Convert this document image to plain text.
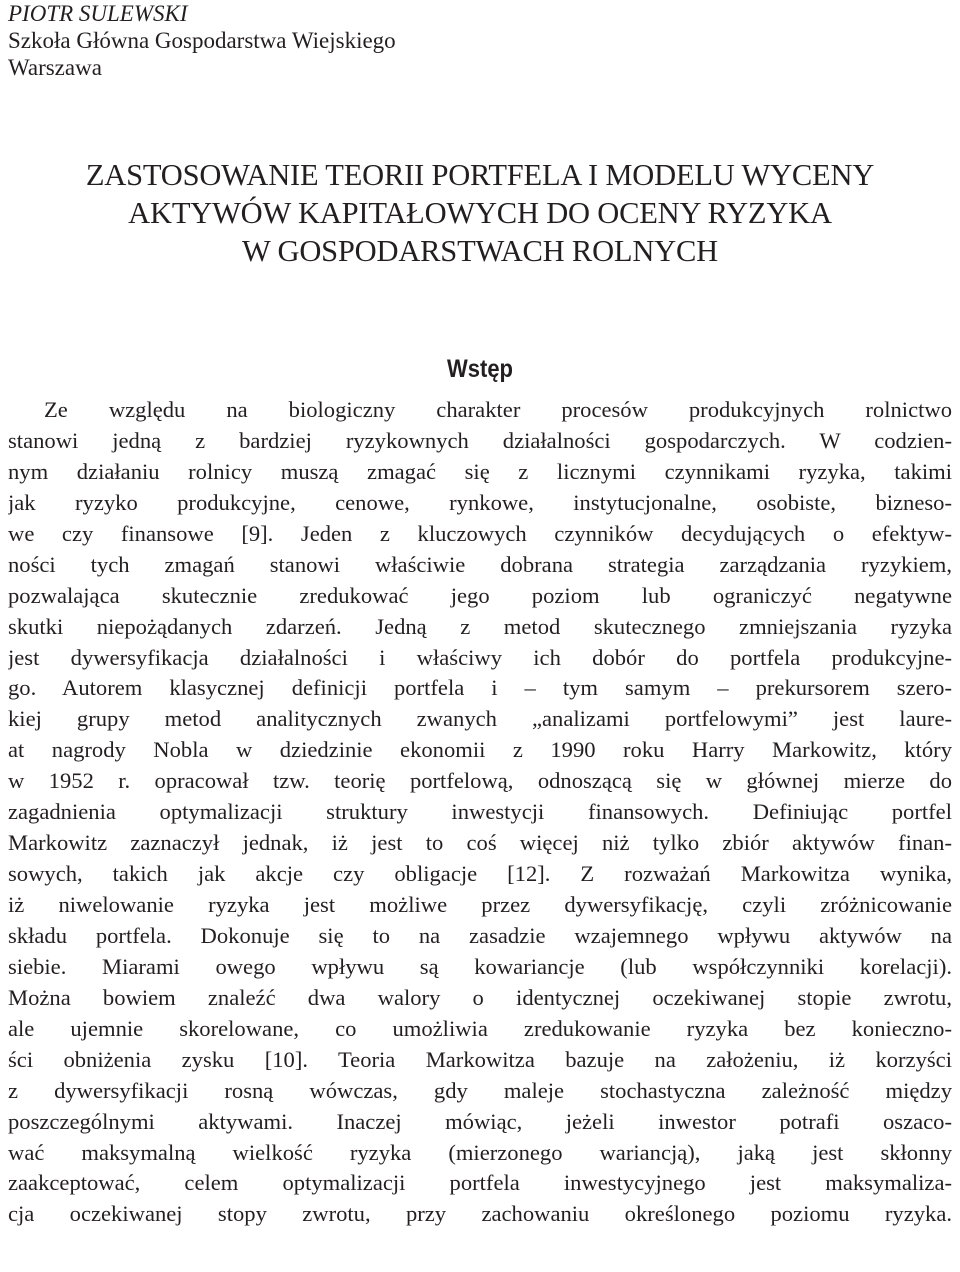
PIOTR SULEWSKI
Szkoła Główna Gospodarstwa Wiejskiego
Warszawa
ZASTOSOWANIE TEORII PORTFELA I MODELU WYCENY
AKTYWÓW KAPITAŁOWYCH DO OCENY RYZYKA
W GOSPODARSTWACH ROLNYCH
Wstęp
Ze względu na biologiczny charakter procesów produkcyjnych rolnictwo
stanowi jedną z bardziej ryzykownych działalności gospodarczych. W codzien-
nym działaniu rolnicy muszą zmagać się z licznymi czynnikami ryzyka, takimi
jak ryzyko produkcyjne, cenowe, rynkowe, instytucjonalne, osobiste, bizneso-
we czy finansowe [9]. Jeden z kluczowych czynników decydujących o efektyw-
ności tych zmagań stanowi właściwie dobrana strategia zarządzania ryzykiem,
pozwalająca skutecznie zredukować jego poziom lub ograniczyć negatywne
skutki niepożądanych zdarzeń. Jedną z metod skutecznego zmniejszania ryzyka
jest dywersyfikacja działalności i właściwy ich dobór do portfela produkcyjne-
go. Autorem klasycznej definicji portfela i – tym samym – prekursorem szero-
kiej grupy metod analitycznych zwanych „analizami portfelowymi” jest laure-
at nagrody Nobla w dziedzinie ekonomii z 1990 roku Harry Markowitz, który
w 1952 r. opracował tzw. teorię portfelową, odnoszącą się w głównej mierze do
zagadnienia optymalizacji struktury inwestycji finansowych. Definiując portfel
Markowitz zaznaczył jednak, iż jest to coś więcej niż tylko zbiór aktywów finan-
sowych, takich jak akcje czy obligacje [12]. Z rozważań Markowitza wynika,
iż niwelowanie ryzyka jest możliwe przez dywersyfikację, czyli zróżnicowanie
składu portfela. Dokonuje się to na zasadzie wzajemnego wpływu aktywów na
siebie. Miarami owego wpływu są kowariancje (lub współczynniki korelacji).
Można bowiem znaleźć dwa walory o identycznej oczekiwanej stopie zwrotu,
ale ujemnie skorelowane, co umożliwia zredukowanie ryzyka bez konieczno-
ści obniżenia zysku [10]. Teoria Markowitza bazuje na założeniu, iż korzyści
z dywersyfikacji rosną wówczas, gdy maleje stochastyczna zależność między
poszczególnymi aktywami. Inaczej mówiąc, jeżeli inwestor potrafi oszaco-
wać maksymalną wielkość ryzyka (mierzonego wariancją), jaką jest skłonny
zaakceptować, celem optymalizacji portfela inwestycyjnego jest maksymaliza-
cja oczekiwanej stopy zwrotu, przy zachowaniu określonego poziomu ryzyka.
